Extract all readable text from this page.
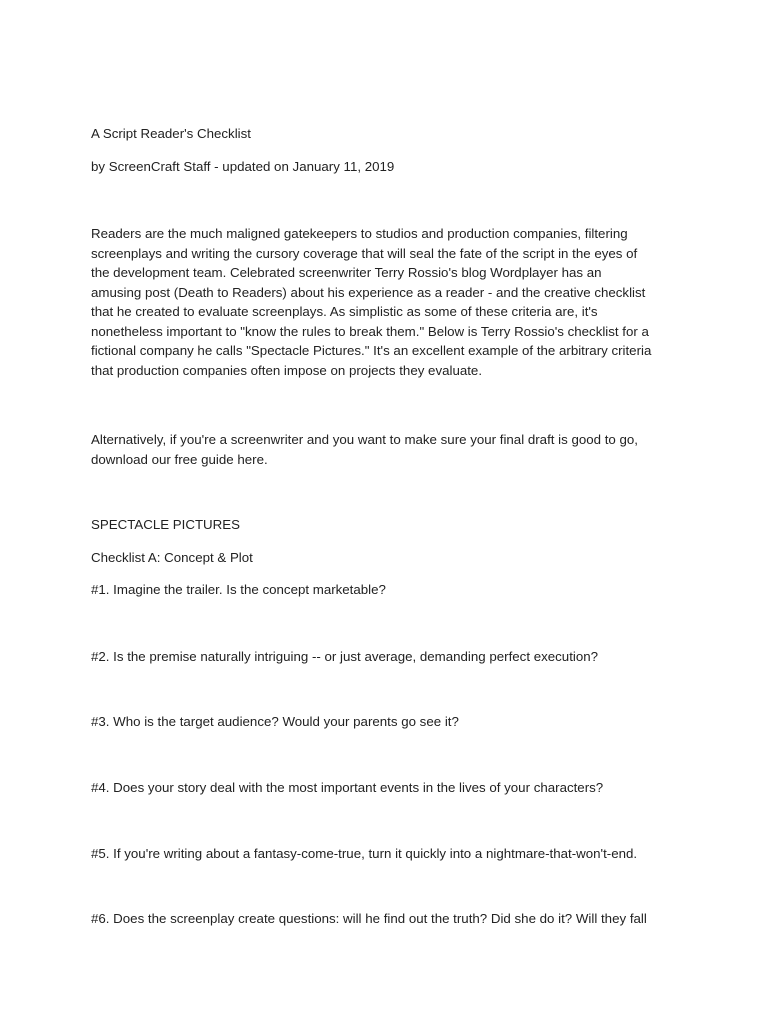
A Script Reader's Checklist

by ScreenCraft Staff - updated on January 11, 2019

Readers are the much maligned gatekeepers to studios and production companies, filtering
screenplays and writing the cursory coverage that will seal the fate of the script in the eyes of
the development team. Celebrated screenwriter Terry Rossio's blog Wordplayer has an
amusing post (Death to Readers) about his experience as a reader - and the creative checklist
that he created to evaluate screenplays. As simplistic as some of these criteria are, it's
nonetheless important to "know the rules to break them." Below is Terry Rossio's checklist for a
fictional company he calls "Spectacle Pictures." It's an excellent example of the arbitrary criteria
that production companies often impose on projects they evaluate.
Alternatively, if you're a screenwriter and you want to make sure your final draft is good to go,
download our free guide here.

SPECTACLE PICTURES

Checklist A: Concept & Plot

#1. Imagine the trailer. Is the concept marketable?

#2. Is the premise naturally intriguing -- or just average, demanding perfect execution?

#3. Who is the target audience? Would your parents go see it?

#4. Does your story deal with the most important events in the lives of your characters?

#5. If you're writing about a fantasy-come-true, turn it quickly into a nightmare-that-won't-end.

#6. Does the screenplay create questions: will he find out the truth? Did she do it? Will they fall
